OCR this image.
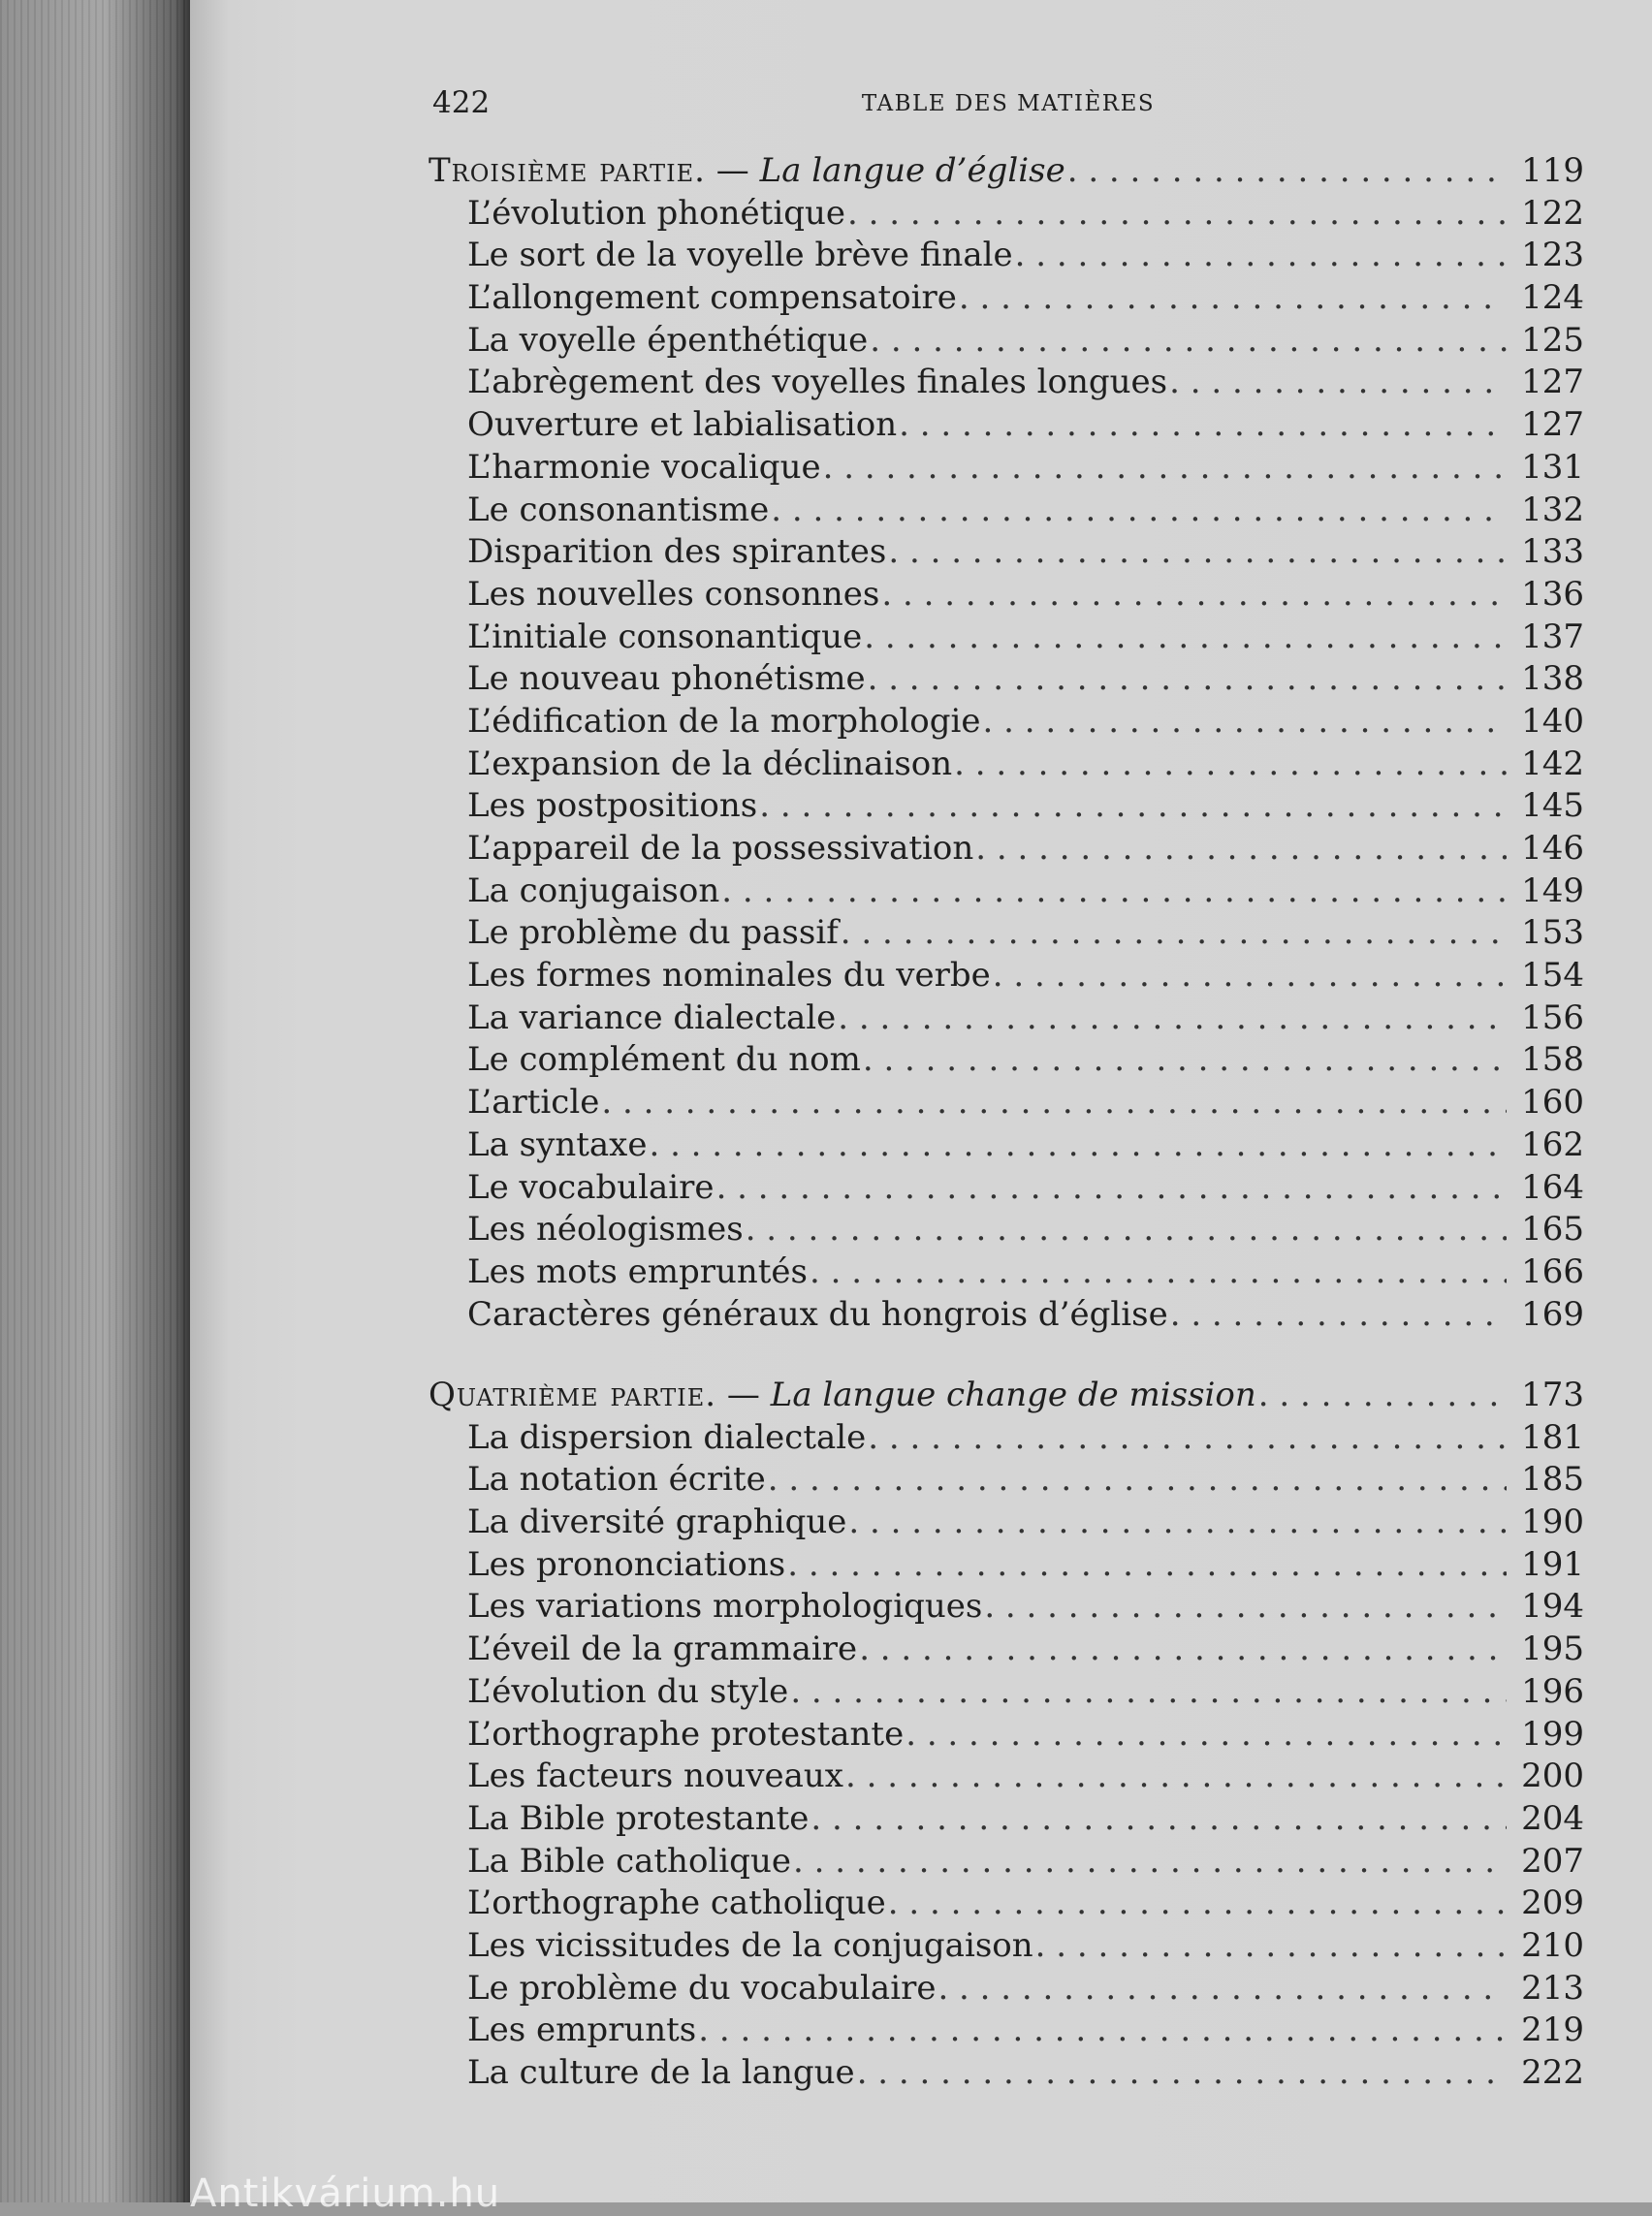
Antikvárium.hu
422	TABLE DES MATIÈRES
Troisième partie. — La langue d’église . . .	119
L’évolution phonétique . . .	122
Le sort de la voyelle brève finale . . .	123
L’allongement compensatoire . . .	124
La voyelle épenthétique . . .	125
L’abrègement des voyelles finales longues . . .	127
Ouverture et labialisation . . .	127
L’harmonie vocalique . . .	131
Le consonantisme . . .	132
Disparition des spirantes . . .	133
Les nouvelles consonnes . . .	136
L’initiale consonantique . . .	137
Le nouveau phonétisme . . .	138
L’édification de la morphologie . . .	140
L’expansion de la déclinaison . . .	142
Les postpositions . . .	145
L’appareil de la possessivation . . .	146
La conjugaison . . .	149
Le problème du passif . . .	153
Les formes nominales du verbe . . .	154
La variance dialectale . . .	156
Le complément du nom . . .	158
L’article . . .	160
La syntaxe . . .	162
Le vocabulaire . . .	164
Les néologismes . . .	165
Les mots empruntés . . .	166
Caractères généraux du hongrois d’église . . .	169
Quatrième partie. — La langue change de mission . . .	173
La dispersion dialectale . . .	181
La notation écrite . . .	185
La diversité graphique . . .	190
Les prononciations . . .	191
Les variations morphologiques . . .	194
L’éveil de la grammaire . . .	195
L’évolution du style . . .	196
L’orthographe protestante . . .	199
Les facteurs nouveaux . . .	200
La Bible protestante . . .	204
La Bible catholique . . .	207
L’orthographe catholique . . .	209
Les vicissitudes de la conjugaison . . .	210
Le problème du vocabulaire . . .	213
Les emprunts . . .	219
La culture de la langue . . .	222
